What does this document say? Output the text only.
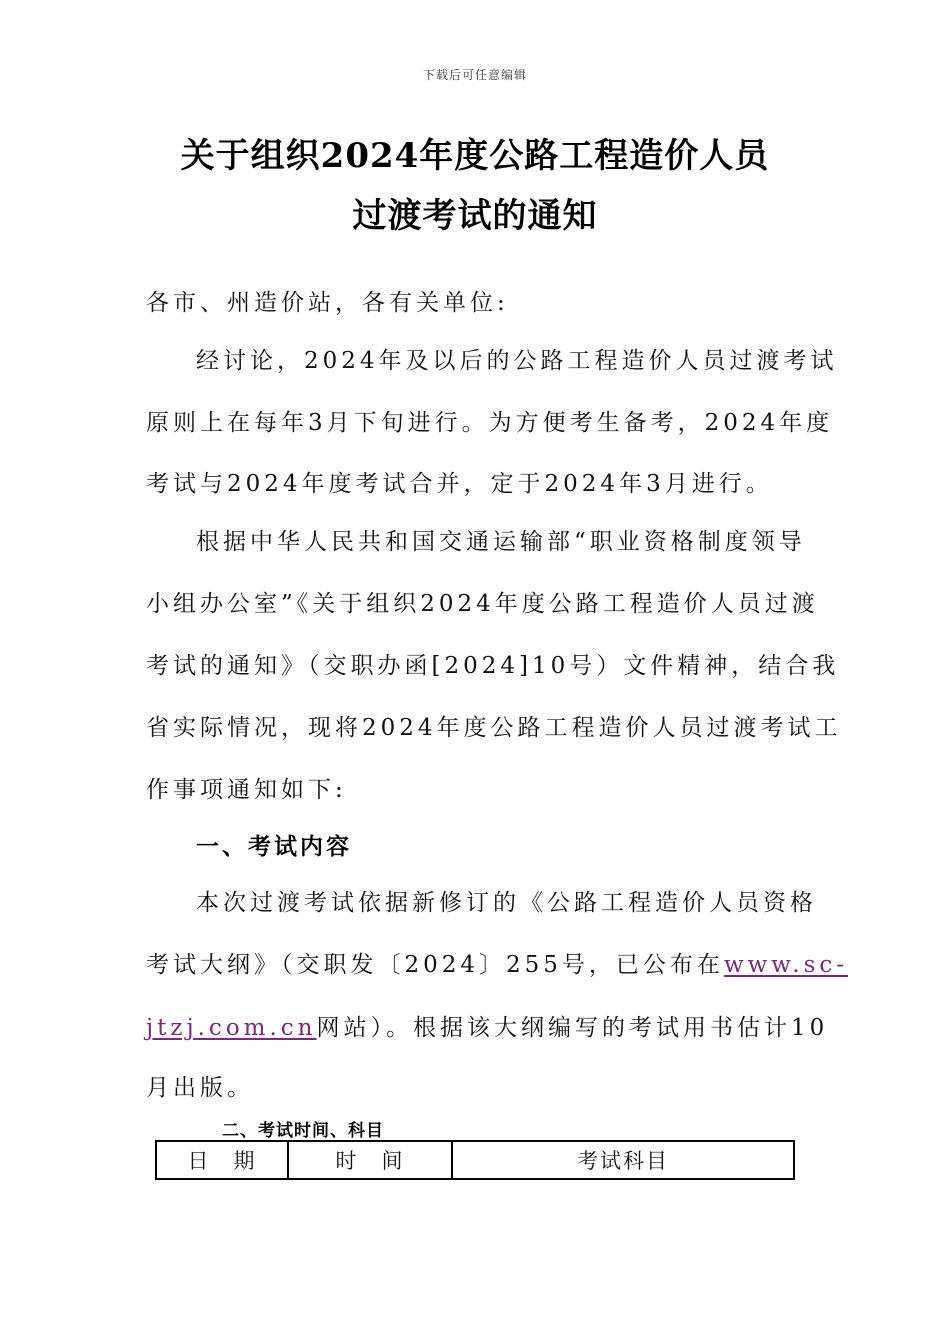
下载后可任意编辑
关于组织2024年度公路工程造价人员
过渡考试的通知
各市、州造价站，各有关单位:
经讨论，2024年及以后的公路工程造价人员过渡考试
原则上在每年3月下旬进行。为方便考生备考，2024年度
考试与2024年度考试合并，定于2024年3月进行。
根据中华人民共和国交通运输部“职业资格制度领导
小组办公室”《关于组织2024年度公路工程造价人员过渡
考试的通知》（交职办函[2024]10号）文件精神，结合我
省实际情况，现将2024年度公路工程造价人员过渡考试工
作事项通知如下:
一、考试内容
本次过渡考试依据新修订的《公路工程造价人员资格
考试大纲》（交职发〔2024〕255号，已公布在www.sc-
jtzj.com.cn网站）。根据该大纲编写的考试用书估计10
月出版。
二、考试时间、科目
日　期	时　间	考试科目
